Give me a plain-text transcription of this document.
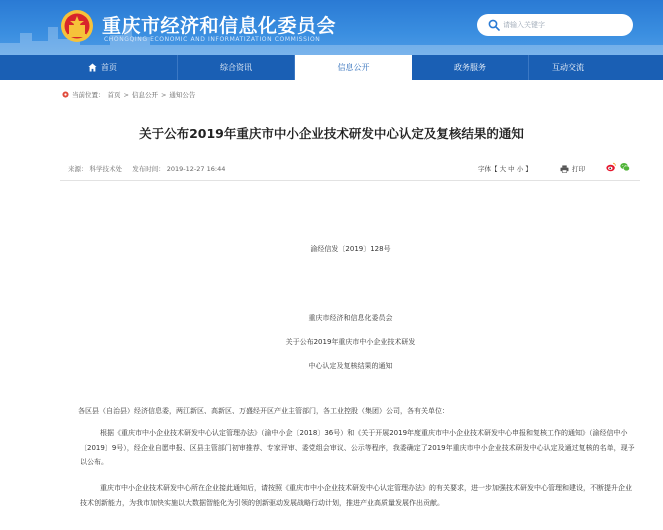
重庆市经济和信息化委员会
CHONGQING ECONOMIC AND INFORMATIZATION COMMISSION
请输入关键字
首页	综合资讯	信息公开	政务服务	互动交流
当前位置： 首页 > 信息公开 > 通知公告
关于公布2019年重庆市中小企业技术研发中心认定及复核结果的通知
来源： 科学技术处 发布时间： 2019-12-27 16:44	字体【 大 中 小 】	打印
渝经信发〔2019〕128号
重庆市经济和信息化委员会
关于公布2019年重庆市中小企业技术研发
中心认定及复核结果的通知
各区县（自治县）经济信息委，两江新区、高新区、万盛经开区产业主管部门，各工业控股（集团）公司，各有关单位：
根据《重庆市中小企业技术研发中心认定管理办法》（渝中小企〔2018〕36号）和《关于开展2019年度重庆市中小企业技术研发中心申报和复核工作的通知》（渝经信中小〔2019〕9号），经企业自愿申报、区县主管部门初审推荐、专家评审、委党组会审议、公示等程序，我委确定了2019年重庆市中小企业技术研发中心认定及通过复核的名单，现予以公布。
重庆市中小企业技术研发中心所在企业接此通知后，请按照《重庆市中小企业技术研发中心认定管理办法》的有关要求，进一步加强技术研发中心管理和建设，不断提升企业技术创新能力，为我市加快实施以大数据智能化为引领的创新驱动发展战略行动计划，推进产业高质量发展作出贡献。
